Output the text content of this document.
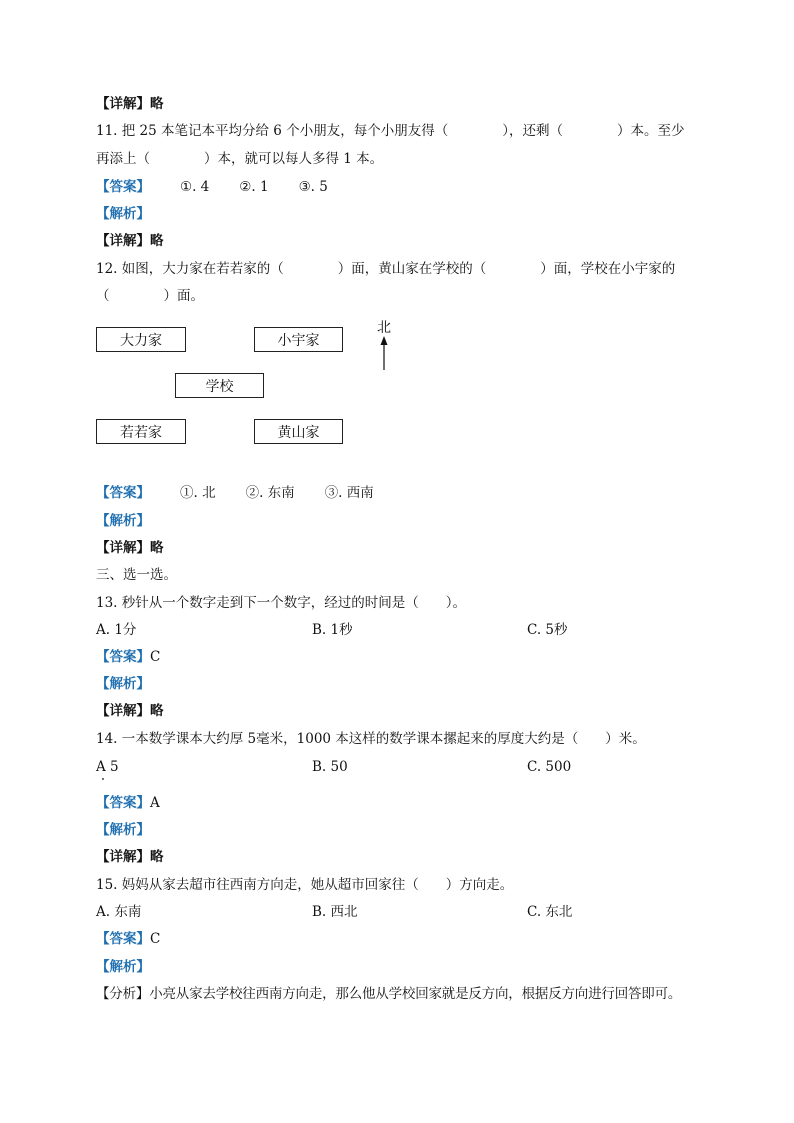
【详解】略
11. 把 25 本笔记本平均分给 6 个小朋友，每个小朋友得（　　　　），还剩（　　　　）本。至少
再添上（　　　　）本，就可以每人多得 1 本。
【答案】 ①. 4 ②. 1 ③. 5
【解析】
【详解】略
12. 如图，大力家在若若家的（　　　　）面，黄山家在学校的（　　　　）面，学校在小宇家的
（　　　　）面。
大力家	小宇家
学校
若若家	黄山家
北
【答案】 ①. 北 ②. 东南 ③. 西南
【解析】
【详解】略
三、选一选。
13. 秒针从一个数字走到下一个数字，经过的时间是（　　）。
A. 1分	B. 1秒	C. 5秒
【答案】C
【解析】
【详解】略
14. 一本数学课本大约厚 5毫米，1000 本这样的数学课本摞起来的厚度大约是（　　）米。
A 5	B. 50	C. 500
【答案】A
【解析】
【详解】略
15. 妈妈从家去超市往西南方向走，她从超市回家往（　　）方向走。
A. 东南	B. 西北	C. 东北
【答案】C
【解析】
【分析】小亮从家去学校往西南方向走，那么他从学校回家就是反方向，根据反方向进行回答即可。
